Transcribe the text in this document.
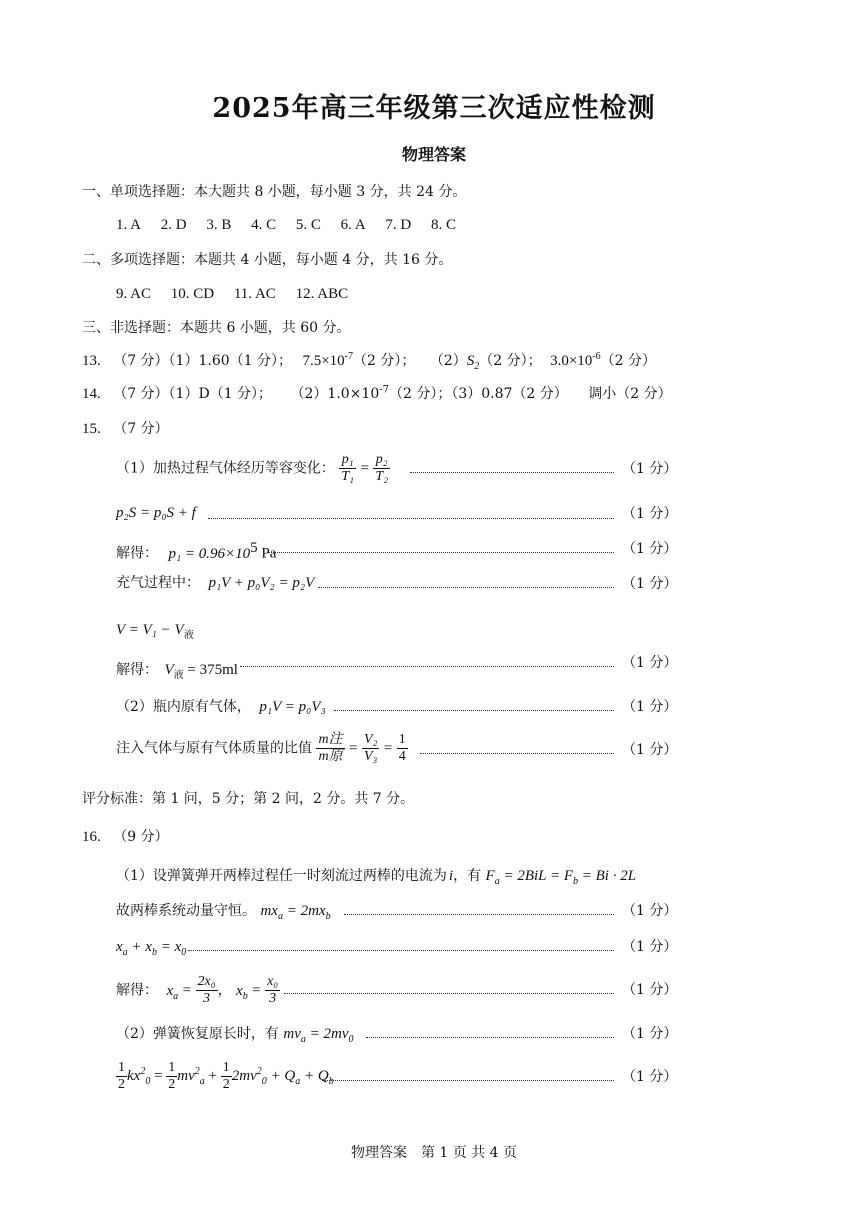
2025年高三年级第三次适应性检测
物理答案
一、单项选择题：本大题共 8 小题，每小题 3 分，共 24 分。
1. A 2. D 3. B 4. C 5. C 6. A 7. D 8. C
二、多项选择题：本题共 4 小题，每小题 4 分，共 16 分。
9. AC 10. CD 11. AC 12. ABC
三、非选择题：本题共 6 小题，共 60 分。
13. （7 分）（1）1.60（1 分）； $7.5\times 10^{-7}(2$ 分）； $(2)S_2(2$ 分）； $3.0\times 10^{-6}(2$ 分）
14. （7 分）（1）D（1 分）； $(2)1.0\times 10^{-7}(2$ 分）；（3）0.87（2 分） 调小（2 分）
15. （7 分）
（1）加热过程气体经历等容变化： $\frac{\text{p₁}}{\text{T₁}} = \frac{\text{p₂}}{\text{T₂}}$	（1 分）
p₂S = p₀S + f	（1 分）
解得： $p_1 = 0.96\times 10^5$ Pa	（1 分）
充气过程中： p₁V + p₀V₂ = p₂V	（1 分）
$V = V_1 - V_液$
解得： $V_液 = 375ml$	（1 分）
（2）瓶内原有气体， p₁V = p₀V₃	（1 分）
注入气体与原有气体质量的比值 $\frac{\text{m注}}{\text{m原}} = \frac{\text{V₂}}{\text{V₃}} = \frac{1}{4}$	（1 分）
评分标准：第 1 问，5 分；第 2 问，2 分。共 7 分。
16. （9 分）
（1）设弹簧弹开两棒过程任一时刻流过两棒的电流为 i，有 $F_a = 2BiL = F_b = Bi \cdot 2L$
故两棒系统动量守恒。 $mx_a = 2mx_b$	（1 分）
$x_a + x_b = x_0$	（1 分）
解得： $x_a = \frac{\text{2x₀}}{3}$ ， $x_b = \frac{\text{x₀}}{3}$	（1 分）
（2）弹簧恢复原长时，有 $mv_a = 2mv_0$	（1 分）
$\frac{1}{2} kx^2_0 = \frac{1}{2} mv^2_a + \frac{1}{2} 2mv^2_0 + Q_a + Q_b$	（1 分）
物理答案　第 1 页 共 4 页
